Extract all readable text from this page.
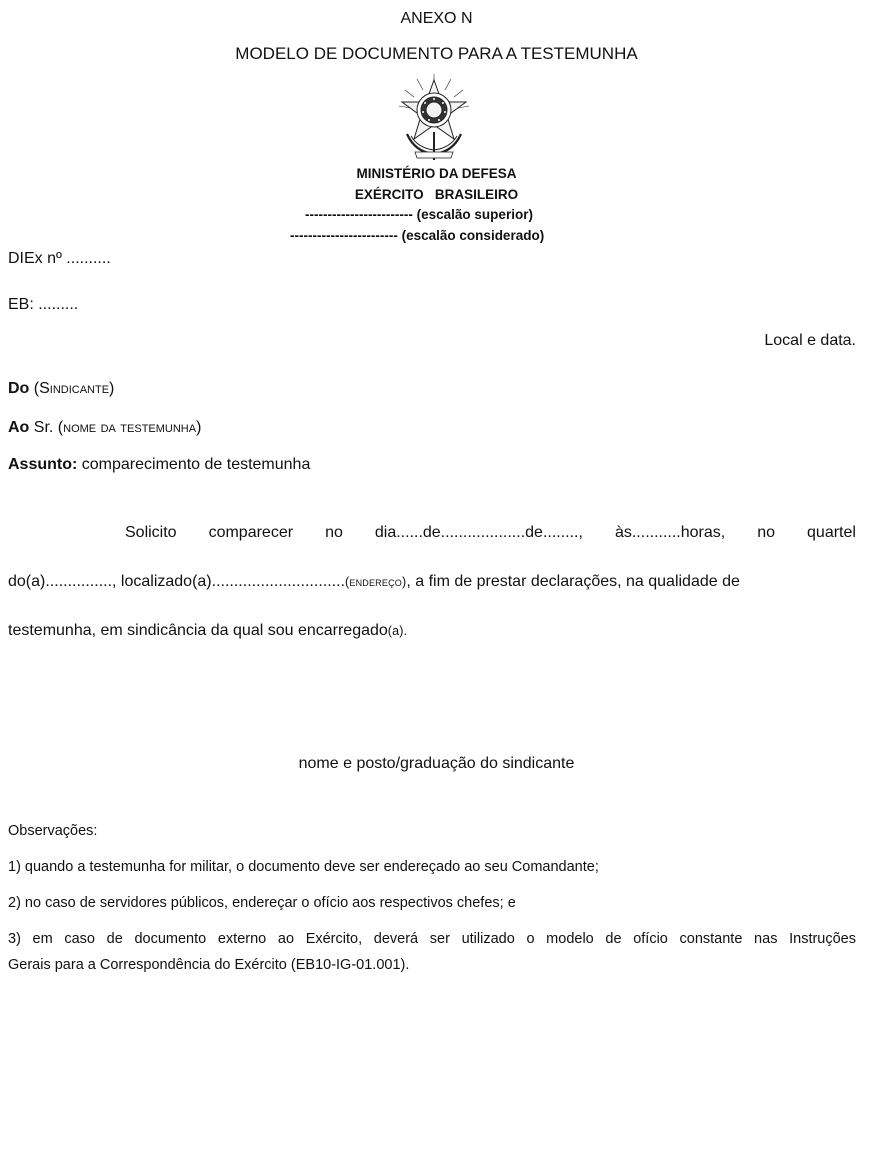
ANEXO N
MODELO DE DOCUMENTO PARA A TESTEMUNHA
MINISTÉRIO DA DEFESA
EXÉRCITO   BRASILEIRO
------------------------ (escalão superior)
------------------------ (escalão considerado)
DIEx nº ..........
EB: .........
Local e data.
Do (Sindicante)
Ao Sr. (nome da testemunha)
Assunto: comparecimento de testemunha
Solicito comparecer no dia......de...................de........, às...........horas, no quartel
do(a)..............., localizado(a)..............................(endereço), a fim de prestar declarações, na qualidade de
testemunha, em sindicância da qual sou encarregado(a).
nome e posto/graduação do sindicante
Observações:
1) quando a testemunha for militar, o documento deve ser endereçado ao seu Comandante;
2) no caso de servidores públicos, endereçar o ofício aos respectivos chefes; e
3) em caso de documento externo ao Exército, deverá ser utilizado o modelo de ofício constante nas Instruções
Gerais para a Correspondência do Exército (EB10-IG-01.001).
